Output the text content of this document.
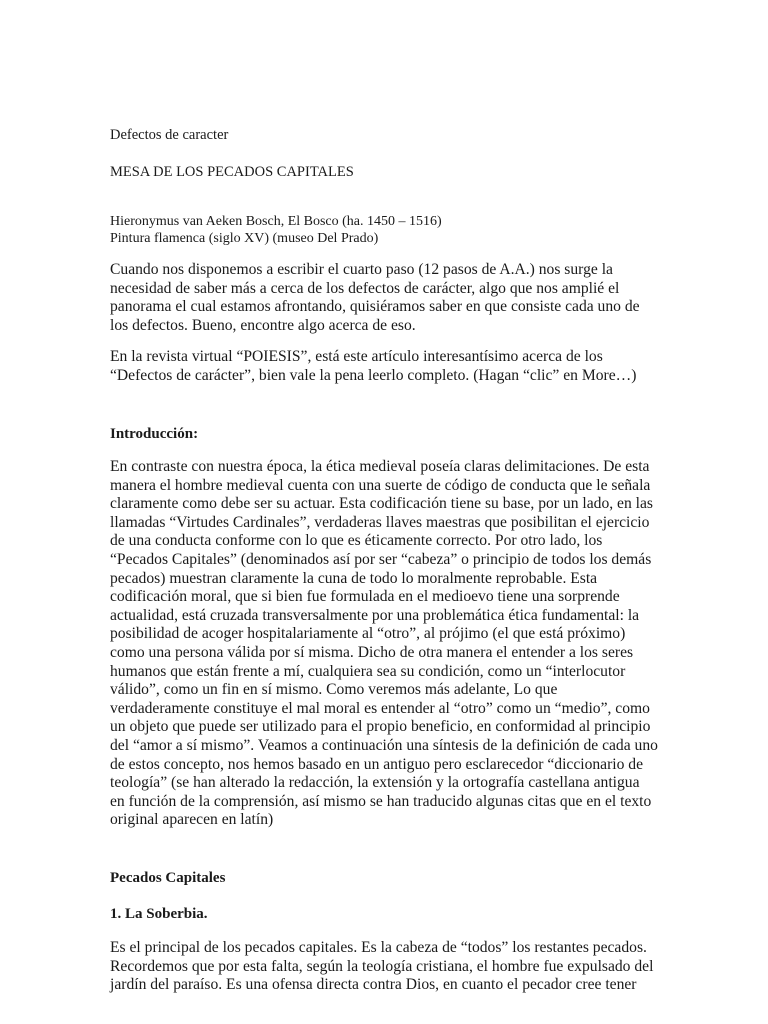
Defectos de caracter

MESA DE LOS PECADOS CAPITALES

Hieronymus van Aeken Bosch, El Bosco (ha. 1450 – 1516)

Pintura flamenca (siglo XV) (museo Del Prado)

Cuando nos disponemos a escribir el cuarto paso (12 pasos de A.A.) nos surge la necesidad de saber más a cerca de los defectos de carácter, algo que nos amplié el panorama el cual estamos afrontando, quisiéramos saber en que consiste cada uno de los defectos. Bueno, encontre algo acerca de eso.

En la revista virtual “POIESIS”, está este artículo interesantísimo acerca de los “Defectos de carácter”, bien vale la pena leerlo completo. (Hagan “clic” en More…)

Introducción:

En contraste con nuestra época, la ética medieval poseía claras delimitaciones. De esta manera el hombre medieval cuenta con una suerte de código de conducta que le señala claramente como debe ser su actuar. Esta codificación tiene su base, por un lado, en las llamadas “Virtudes Cardinales”, verdaderas llaves maestras que posibilitan el ejercicio de una conducta conforme con lo que es éticamente correcto. Por otro lado, los “Pecados Capitales” (denominados así por ser “cabeza” o principio de todos los demás pecados) muestran claramente la cuna de todo lo moralmente reprobable. Esta codificación moral, que si bien fue formulada en el medioevo tiene una sorprende actualidad, está cruzada transversalmente por una problemática ética fundamental: la posibilidad de acoger hospitalariamente al “otro”, al prójimo (el que está próximo) como una persona válida por sí misma. Dicho de otra manera el entender a los seres humanos que están frente a mí, cualquiera sea su condición, como un “interlocutor válido”, como un fin en sí mismo. Como veremos más adelante, Lo que verdaderamente constituye el mal moral es entender al “otro” como un “medio”, como un objeto que puede ser utilizado para el propio beneficio, en conformidad al principio del “amor a sí mismo”. Veamos a continuación una síntesis de la definición de cada uno de estos concepto, nos hemos basado en un antiguo pero esclarecedor “diccionario de teología” (se han alterado la redacción, la extensión y la ortografía castellana antigua en función de la comprensión, así mismo se han traducido algunas citas que en el texto original aparecen en latín)

Pecados Capitales

1. La Soberbia.

Es el principal de los pecados capitales. Es la cabeza de “todos” los restantes pecados. Recordemos que por esta falta, según la teología cristiana, el hombre fue expulsado del jardín del paraíso. Es una ofensa directa contra Dios, en cuanto el pecador cree tener
